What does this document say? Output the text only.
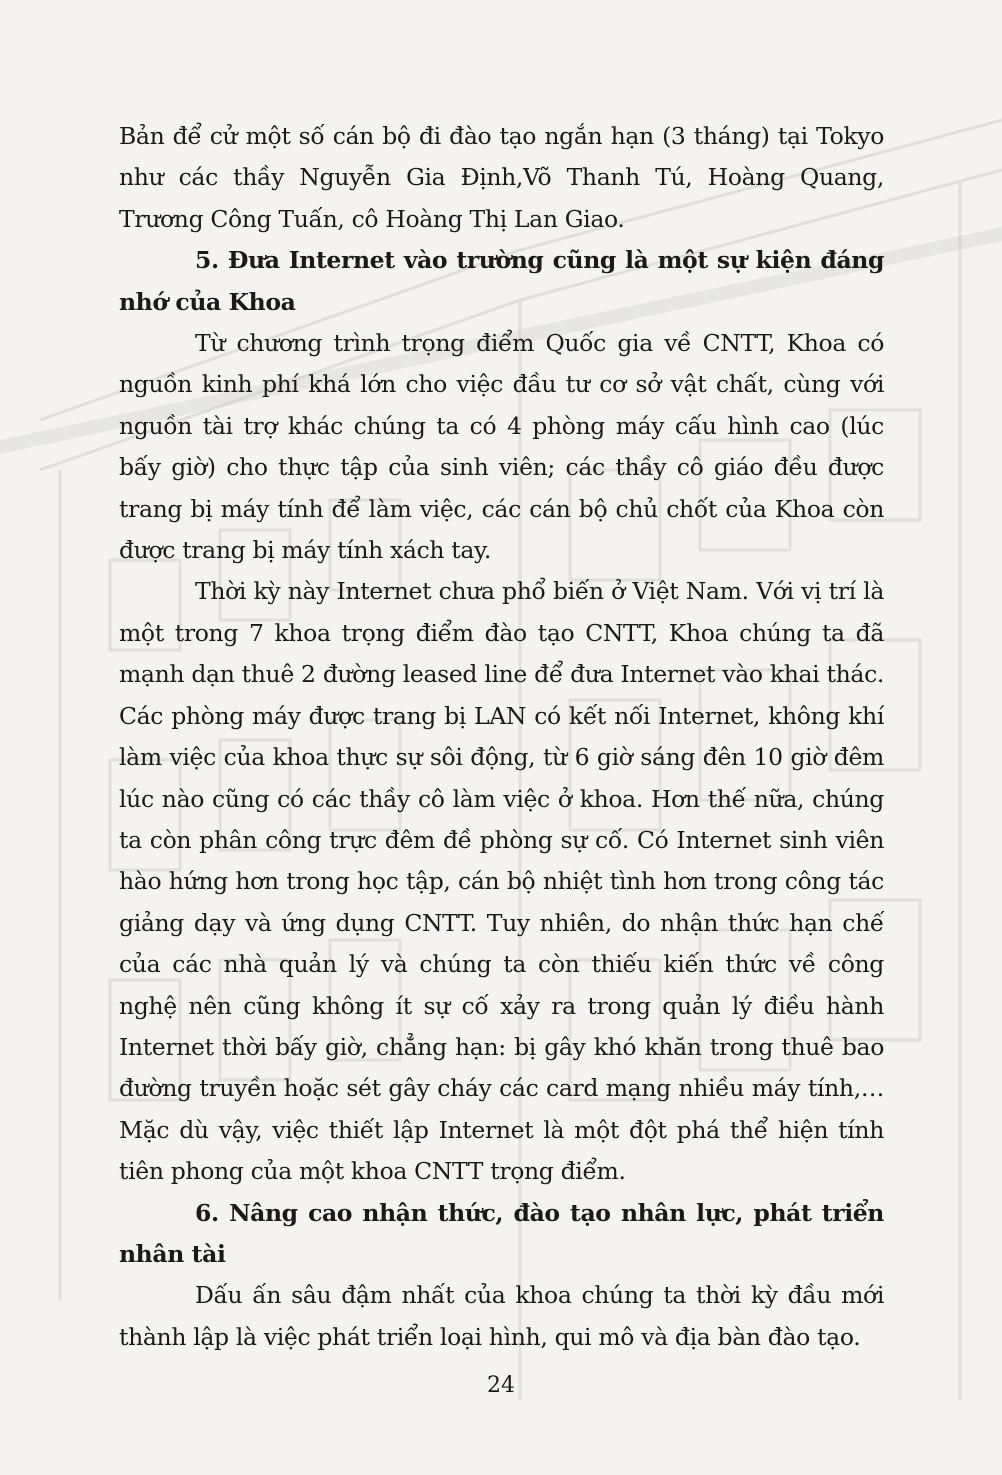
Bản để cử một số cán bộ đi đào tạo ngắn hạn (3 tháng) tại Tokyo như các thầy Nguyễn Gia Định,Võ Thanh Tú, Hoàng Quang, Trương Công Tuấn, cô Hoàng Thị Lan Giao.

5. Đưa Internet vào trường cũng là một sự kiện đáng nhớ của Khoa

Từ chương trình trọng điểm Quốc gia về CNTT, Khoa có nguồn kinh phí khá lớn cho việc đầu tư cơ sở vật chất, cùng với nguồn tài trợ khác chúng ta có 4 phòng máy cấu hình cao (lúc bấy giờ) cho thực tập của sinh viên; các thầy cô giáo đều được trang bị máy tính để làm việc, các cán bộ chủ chốt của Khoa còn được trang bị máy tính xách tay.

Thời kỳ này Internet chưa phổ biến ở Việt Nam. Với vị trí là một trong 7 khoa trọng điểm đào tạo CNTT, Khoa chúng ta đã mạnh dạn thuê 2 đường leased line để đưa Internet vào khai thác. Các phòng máy được trang bị LAN có kết nối Internet, không khí làm việc của khoa thực sự sôi động, từ 6 giờ sáng đên 10 giờ đêm lúc nào cũng có các thầy cô làm việc ở khoa. Hơn thế nữa, chúng ta còn phân công trực đêm đề phòng sự cố. Có Internet sinh viên hào hứng hơn trong học tập, cán bộ nhiệt tình hơn trong công tác giảng dạy và ứng dụng CNTT. Tuy nhiên, do nhận thức hạn chế của các nhà quản lý và chúng ta còn thiếu kiến thức về công nghệ nên cũng không ít sự cố xảy ra trong quản lý điều hành Internet thời bấy giờ, chẳng hạn: bị gây khó khăn trong thuê bao đường truyền hoặc sét gây cháy các card mạng nhiều máy tính,…Mặc dù vậy, việc thiết lập Internet là một đột phá thể hiện tính tiên phong của một khoa CNTT trọng điểm.

6. Nâng cao nhận thức, đào tạo nhân lực, phát triển nhân tài

Dấu ấn sâu đậm nhất của khoa chúng ta thời kỳ đầu mới thành lập là việc phát triển loại hình, qui mô và địa bàn đào tạo.

24
